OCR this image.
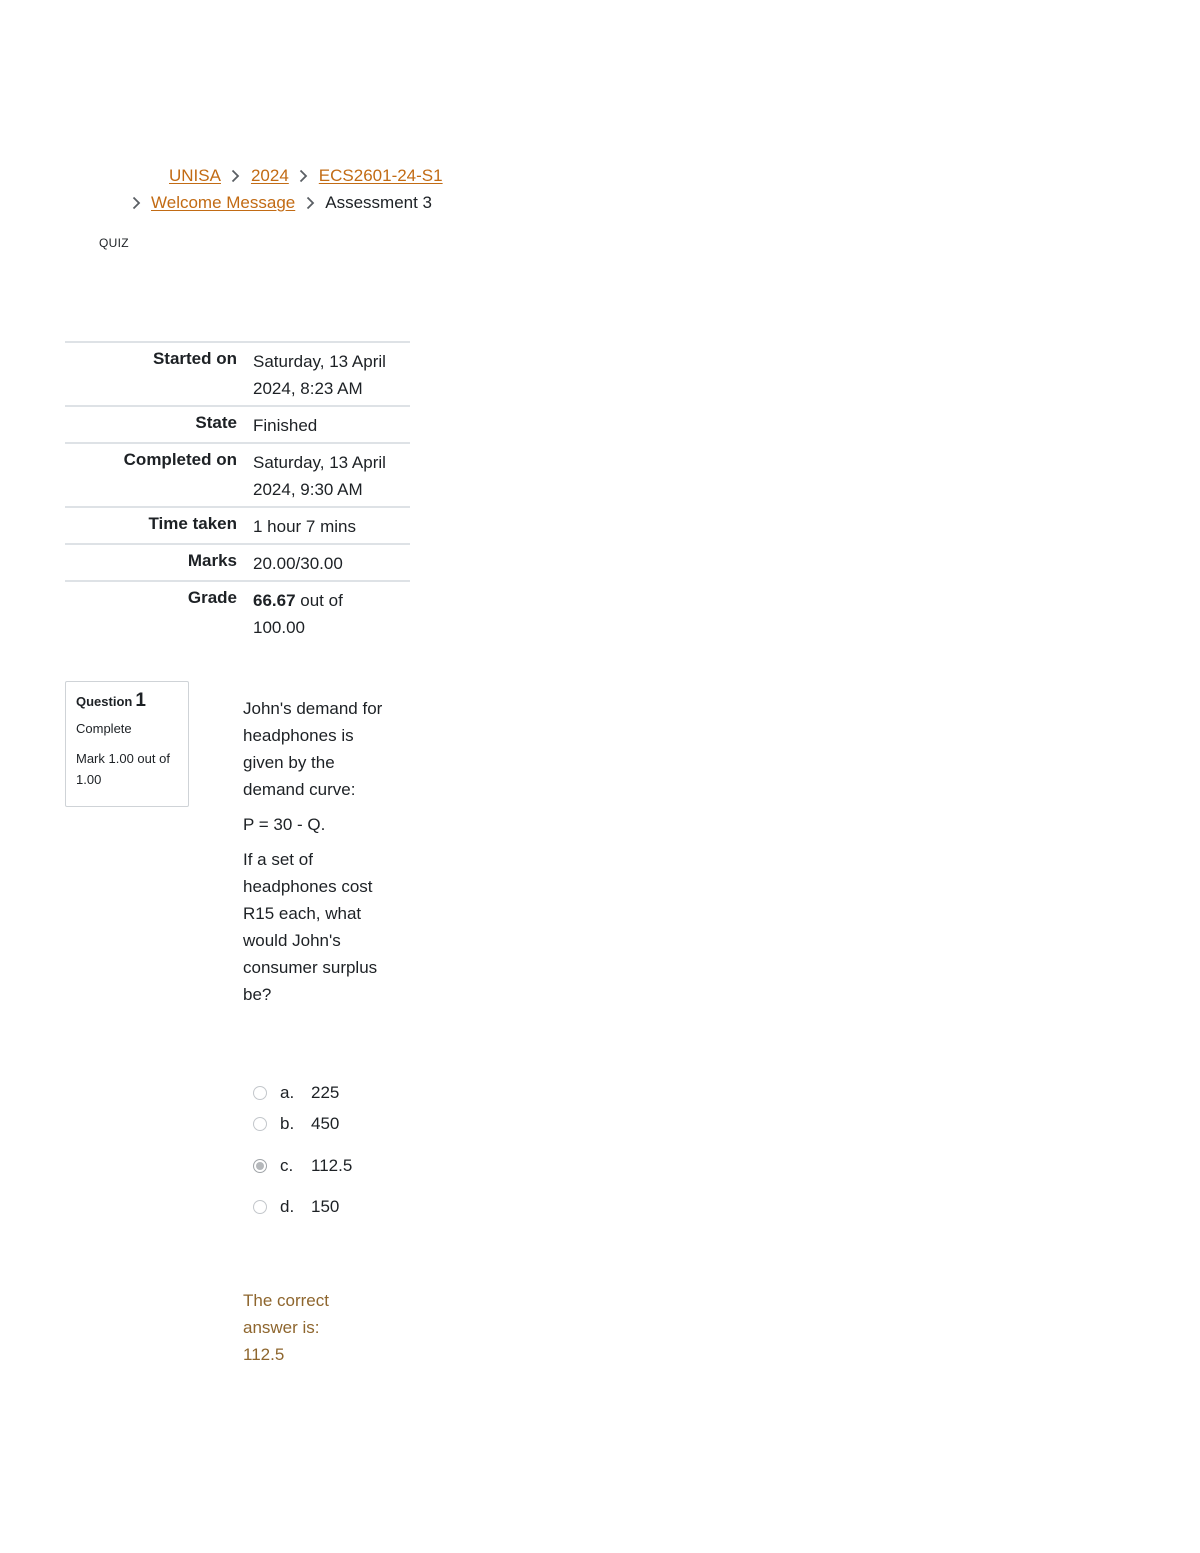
UNISA 2024 ECS2601-24-S1
Welcome Message Assessment 3
QUIZ
Started on	Saturday, 13 April 2024, 8:23 AM
State	Finished
Completed on	Saturday, 13 April 2024, 9:30 AM
Time taken	1 hour 7 mins
Marks	20.00/30.00
Grade	66.67 out of 100.00
Question 1
Complete
Mark 1.00 out of 1.00

John's demand for headphones is given by the demand curve:

P = 30 - Q.

If a set of headphones cost R15 each, what would John's consumer surplus be?

a. 225
b. 450
c.	112.5
d. 150
The correct answer is: 112.5
